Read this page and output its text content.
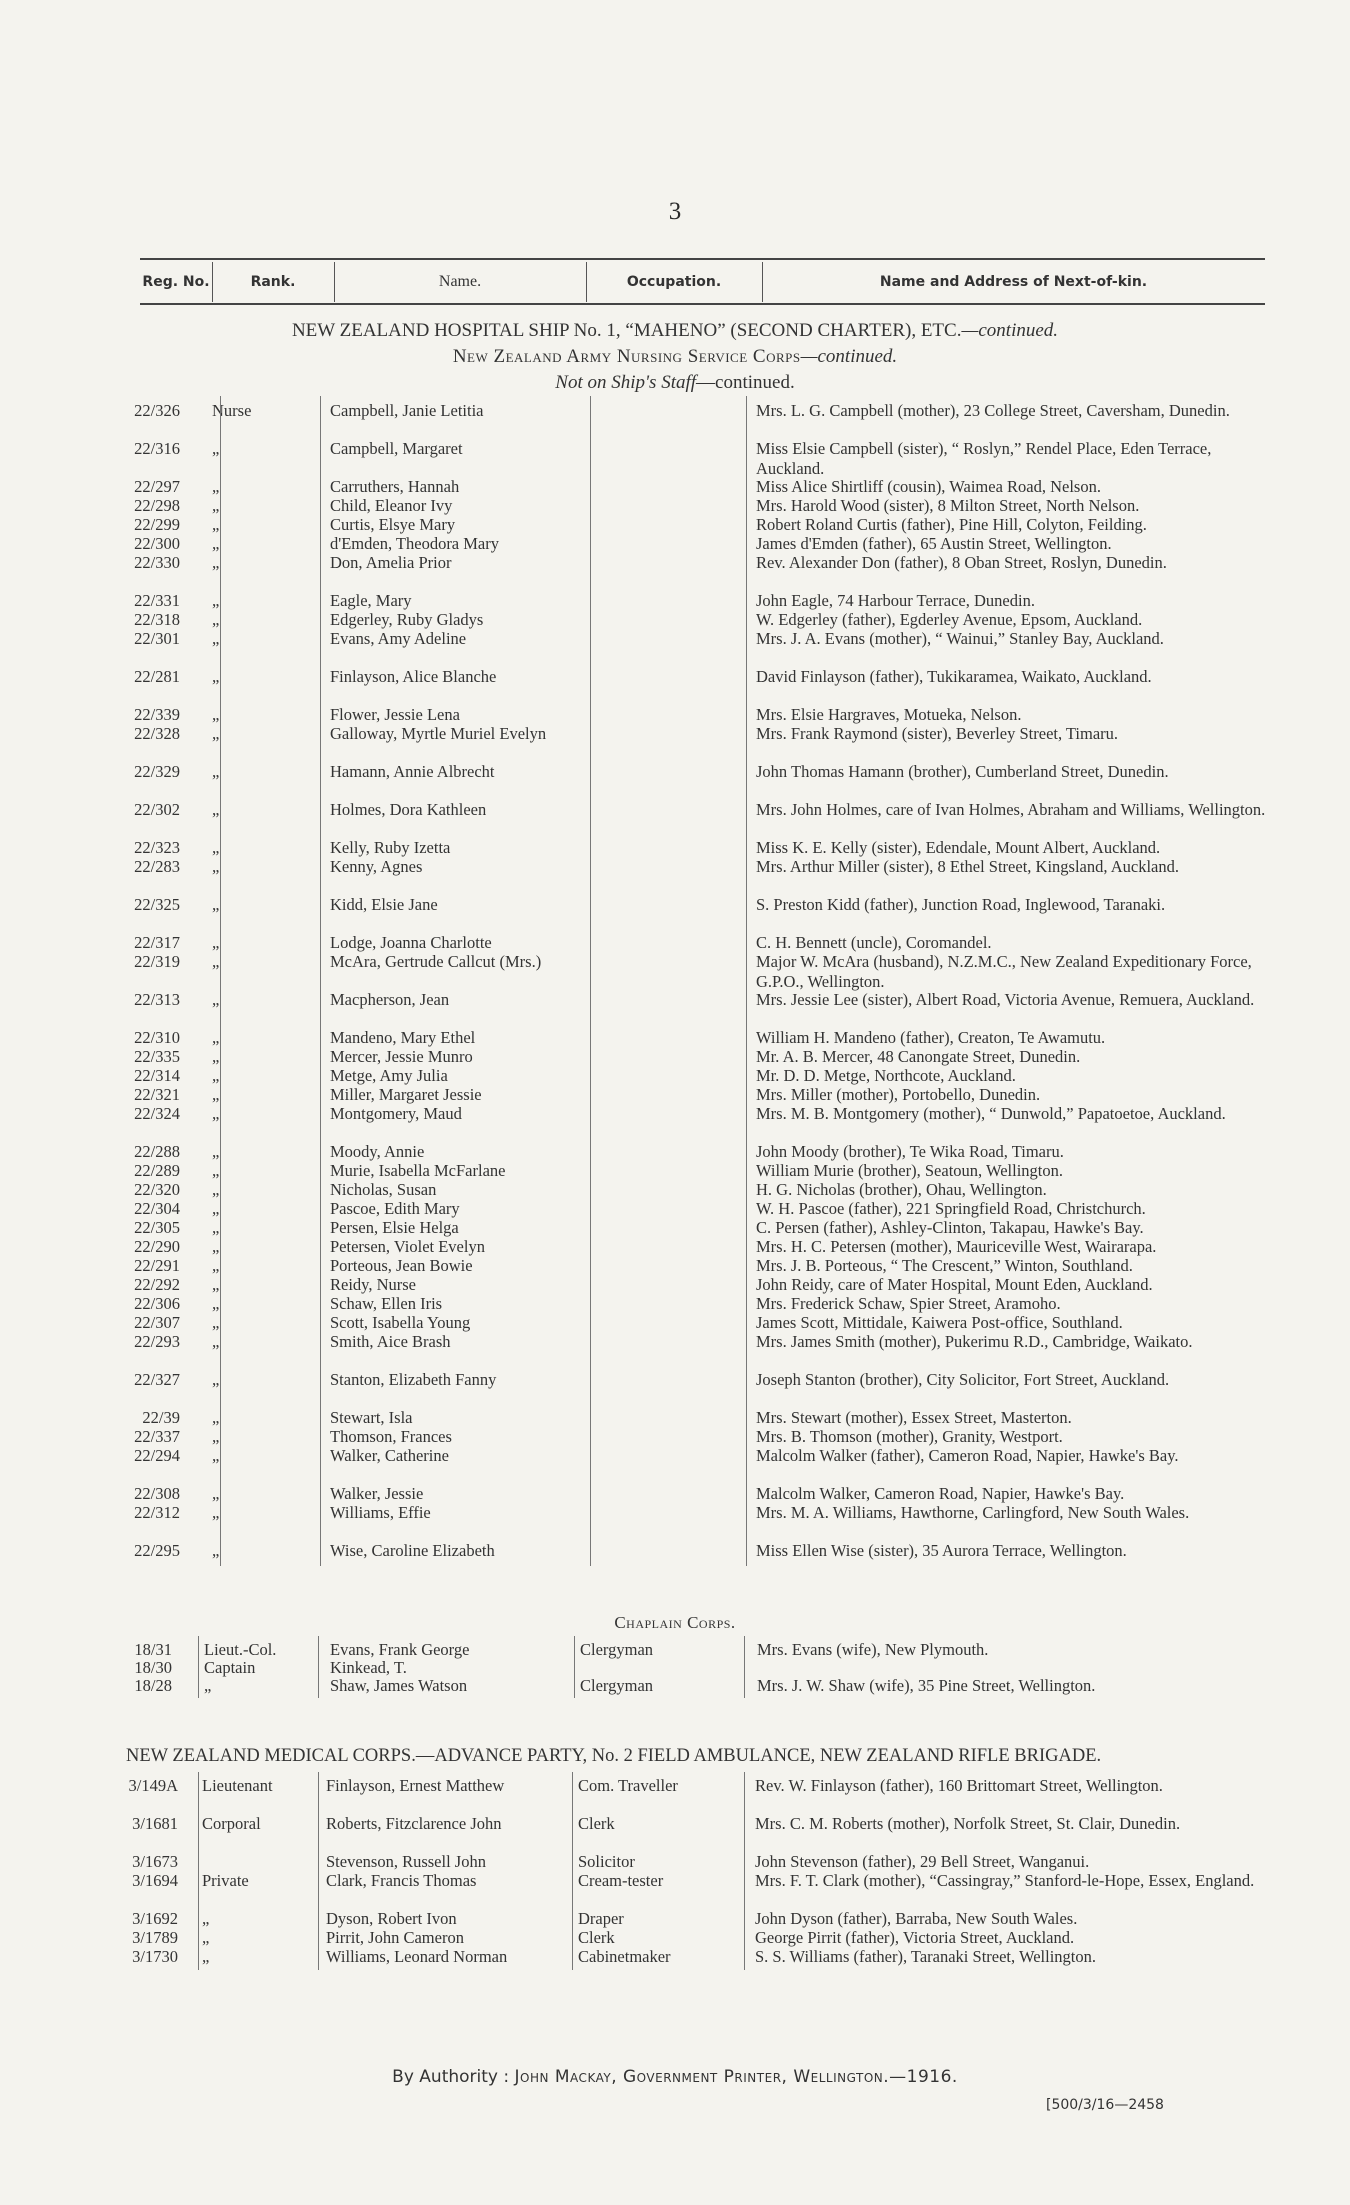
3
Reg. No.	Rank.	Name.	Occupation.	Name and Address of Next-of-kin.
NEW ZEALAND HOSPITAL SHIP No. 1, “MAHENO” (SECOND CHARTER), ETC.—continued.
New Zealand Army Nursing Service Corps—continued.
Not on Ship's Staff—continued.
22/326 Nurse	Campbell, Janie Letitia	Mrs. L. G. Campbell (mother), 23 College Street, Caversham, Dunedin.
22/316 „	Campbell, Margaret	Miss Elsie Campbell (sister), “ Roslyn,” Rendel Place, Eden Terrace, Auckland.
22/297 „	Carruthers, Hannah	Miss Alice Shirtliff (cousin), Waimea Road, Nelson.
22/298 „	Child, Eleanor Ivy	Mrs. Harold Wood (sister), 8 Milton Street, North Nelson.
22/299 „	Curtis, Elsye Mary	Robert Roland Curtis (father), Pine Hill, Colyton, Feilding.
22/300 „	d'Emden, Theodora Mary	James d'Emden (father), 65 Austin Street, Wellington.
22/330 „	Don, Amelia Prior	Rev. Alexander Don (father), 8 Oban Street, Roslyn, Dunedin.
22/331 „	Eagle, Mary	John Eagle, 74 Harbour Terrace, Dunedin.
22/318 „	Edgerley, Ruby Gladys	W. Edgerley (father), Egderley Avenue, Epsom, Auckland.
22/301 „	Evans, Amy Adeline	Mrs. J. A. Evans (mother), “ Wainui,” Stanley Bay, Auckland.
22/281 „	Finlayson, Alice Blanche	David Finlayson (father), Tukikaramea, Waikato, Auckland.
22/339 „	Flower, Jessie Lena	Mrs. Elsie Hargraves, Motueka, Nelson.
22/328 „	Galloway, Myrtle Muriel Evelyn	Mrs. Frank Raymond (sister), Beverley Street, Timaru.
22/329 „	Hamann, Annie Albrecht	John Thomas Hamann (brother), Cumberland Street, Dunedin.
22/302 „	Holmes, Dora Kathleen	Mrs. John Holmes, care of Ivan Holmes, Abraham and Williams, Wellington.
22/323 „	Kelly, Ruby Izetta	Miss K. E. Kelly (sister), Edendale, Mount Albert, Auckland.
22/283 „	Kenny, Agnes	Mrs. Arthur Miller (sister), 8 Ethel Street, Kingsland, Auckland.
22/325 „	Kidd, Elsie Jane	S. Preston Kidd (father), Junction Road, Inglewood, Taranaki.
22/317 „	Lodge, Joanna Charlotte	C. H. Bennett (uncle), Coromandel.
22/319 „	McAra, Gertrude Callcut (Mrs.)	Major W. McAra (husband), N.Z.M.C., New Zealand Expeditionary Force, G.P.O., Wellington.
22/313 „	Macpherson, Jean	Mrs. Jessie Lee (sister), Albert Road, Victoria Avenue, Remuera, Auckland.
22/310 „	Mandeno, Mary Ethel	William H. Mandeno (father), Creaton, Te Awamutu.
22/335 „	Mercer, Jessie Munro	Mr. A. B. Mercer, 48 Canongate Street, Dunedin.
22/314 „	Metge, Amy Julia	Mr. D. D. Metge, Northcote, Auckland.
22/321 „	Miller, Margaret Jessie	Mrs. Miller (mother), Portobello, Dunedin.
22/324 „	Montgomery, Maud	Mrs. M. B. Montgomery (mother), “ Dunwold,” Papatoetoe, Auckland.
22/288 „	Moody, Annie	John Moody (brother), Te Wika Road, Timaru.
22/289 „	Murie, Isabella McFarlane	William Murie (brother), Seatoun, Wellington.
22/320 „	Nicholas, Susan	H. G. Nicholas (brother), Ohau, Wellington.
22/304 „	Pascoe, Edith Mary	W. H. Pascoe (father), 221 Springfield Road, Christchurch.
22/305 „	Persen, Elsie Helga	C. Persen (father), Ashley-Clinton, Takapau, Hawke's Bay.
22/290 „	Petersen, Violet Evelyn	Mrs. H. C. Petersen (mother), Mauriceville West, Wairarapa.
22/291 „	Porteous, Jean Bowie	Mrs. J. B. Porteous, “ The Crescent,” Winton, Southland.
22/292 „	Reidy, Nurse	John Reidy, care of Mater Hospital, Mount Eden, Auckland.
22/306 „	Schaw, Ellen Iris	Mrs. Frederick Schaw, Spier Street, Aramoho.
22/307 „	Scott, Isabella Young	James Scott, Mittidale, Kaiwera Post-office, Southland.
22/293 „	Smith, Aice Brash	Mrs. James Smith (mother), Pukerimu R.D., Cambridge, Waikato.
22/327 „	Stanton, Elizabeth Fanny	Joseph Stanton (brother), City Solicitor, Fort Street, Auckland.
22/39 „	Stewart, Isla	Mrs. Stewart (mother), Essex Street, Masterton.
22/337 „	Thomson, Frances	Mrs. B. Thomson (mother), Granity, Westport.
22/294 „	Walker, Catherine	Malcolm Walker (father), Cameron Road, Napier, Hawke's Bay.
22/308 „	Walker, Jessie	Malcolm Walker, Cameron Road, Napier, Hawke's Bay.
22/312 „	Williams, Effie	Mrs. M. A. Williams, Hawthorne, Carlingford, New South Wales.
22/295 „	Wise, Caroline Elizabeth	Miss Ellen Wise (sister), 35 Aurora Terrace, Wellington.
18/31 Lieut.-Col.	Evans, Frank George	Clergyman	Mrs. Evans (wife), New Plymouth.
18/30 Captain	Kinkead, T.
18/28 „	Shaw, James Watson	Clergyman	Mrs. J. W. Shaw (wife), 35 Pine Street, Wellington.
3/149A Lieutenant	Finlayson, Ernest Matthew	Com. Traveller	Rev. W. Finlayson (father), 160 Brittomart Street, Wellington.
3/1681 Corporal	Roberts, Fitzclarence John	Clerk	Mrs. C. M. Roberts (mother), Norfolk Street, St. Clair, Dunedin.
3/1673	Stevenson, Russell John	Solicitor	John Stevenson (father), 29 Bell Street, Wanganui.
3/1694 Private	Clark, Francis Thomas	Cream-tester	Mrs. F. T. Clark (mother), “Cassingray,” Stanford-le-Hope, Essex, England.
3/1692 „	Dyson, Robert Ivon	Draper	John Dyson (father), Barraba, New South Wales.
3/1789 „	Pirrit, John Cameron	Clerk	George Pirrit (father), Victoria Street, Auckland.
3/1730 „	Williams, Leonard Norman	Cabinetmaker	S. S. Williams (father), Taranaki Street, Wellington.
Chaplain Corps.
NEW ZEALAND MEDICAL CORPS.—ADVANCE PARTY, No. 2 FIELD AMBULANCE, NEW ZEALAND RIFLE BRIGADE.
By Authority : John Mackay, Government Printer, Wellington.—1916.
[500/3/16—2458
